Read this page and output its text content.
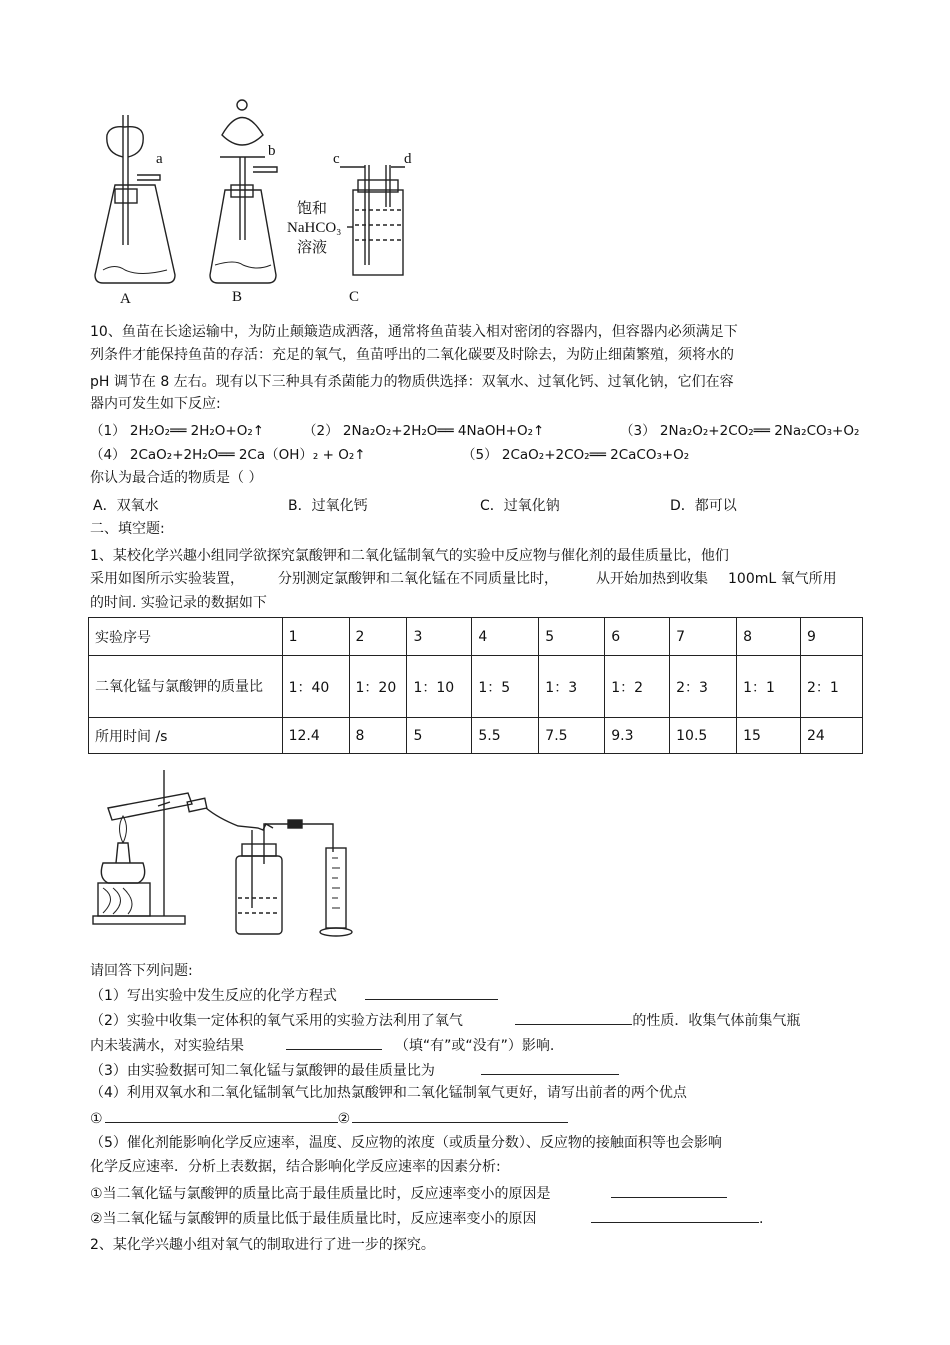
a	b	c	d
A	B	C
饱和
NaHCO₃
溶液
10、鱼苗在长途运输中，为防止颠簸造成洒落，通常将鱼苗装入相对密闭的容器内，但容器内必须满足下
列条件才能保持鱼苗的存活：充足的氧气，鱼苗呼出的二氧化碳要及时除去，为防止细菌繁殖，须将水的
pH 调节在 8 左右。现有以下三种具有杀菌能力的物质供选择：双氧水、过氧化钙、过氧化钠，它们在容
器内可发生如下反应:
（1） 2H₂O₂══ 2H₂O+O₂↑	（2） 2Na₂O₂+2H₂O══ 4NaOH+O₂↑	（3） 2Na₂O₂+2CO₂══ 2Na₂CO₃+O₂
（4） 2CaO₂+2H₂O══ 2Ca（OH）₂ + O₂↑	（5） 2CaO₂+2CO₂══ 2CaCO₃+O₂
你认为最合适的物质是（ ）
A．双氧水	B．过氧化钙	C．过氧化钠	D．都可以
二、填空题:
1、某校化学兴趣小组同学欲探究氯酸钾和二氧化锰制氧气的实验中反应物与催化剂的最佳质量比，他们
采用如图所示实验装置， 分别测定氯酸钾和二氧化锰在不同质量比时，	从开始加热到收集 100mL 氧气所用
的时间. 实验记录的数据如下
实验序号	1	2	3	4	5	6	7	8	9
二氧化锰与氯酸钾的质量比	1：40	1：20	1：10	1：5	1：3	1：2	2：3	1：1	2：1
所用时间 /s	12.4	8	5	5.5	7.5	9.3	10.5	15	24
请回答下列问题:
（1）写出实验中发生反应的化学方程式
（2）实验中收集一定体积的氧气采用的实验方法利用了氧气	的性质．收集气体前集气瓶
内未装满水，对实验结果	（填“有”或“没有”）影响.
（3）由实验数据可知二氧化锰与氯酸钾的最佳质量比为
（4）利用双氧水和二氧化锰制氧气比加热氯酸钾和二氧化锰制氧气更好，请写出前者的两个优点
①	②
（5）催化剂能影响化学反应速率，温度、反应物的浓度（或质量分数）、反应物的接触面积等也会影响
化学反应速率．分析上表数据，结合影响化学反应速率的因素分析:
①当二氧化锰与氯酸钾的质量比高于最佳质量比时，反应速率变小的原因是
②当二氧化锰与氯酸钾的质量比低于最佳质量比时，反应速率变小的原因	.
2、某化学兴趣小组对氧气的制取进行了进一步的探究。
